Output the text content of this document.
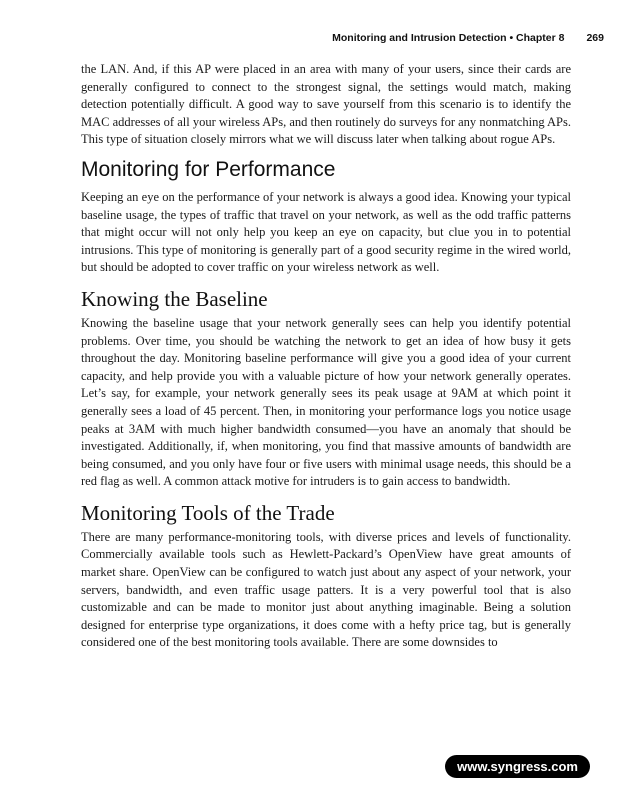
Monitoring and Intrusion Detection • Chapter 8 269

the LAN. And, if this AP were placed in an area with many of your users, since their cards are generally configured to connect to the strongest signal, the settings would match, making detection potentially difficult. A good way to save yourself from this scenario is to identify the MAC addresses of all your wireless APs, and then routinely do surveys for any nonmatching APs. This type of situation closely mirrors what we will discuss later when talking about rogue APs.

Monitoring for Performance

Keeping an eye on the performance of your network is always a good idea. Knowing your typical baseline usage, the types of traffic that travel on your network, as well as the odd traffic patterns that might occur will not only help you keep an eye on capacity, but clue you in to potential intrusions. This type of monitoring is generally part of a good security regime in the wired world, but should be adopted to cover traffic on your wireless network as well.

Knowing the Baseline

Knowing the baseline usage that your network generally sees can help you identify potential problems. Over time, you should be watching the network to get an idea of how busy it gets throughout the day. Monitoring baseline performance will give you a good idea of your current capacity, and help provide you with a valuable picture of how your network generally operates. Let’s say, for example, your network generally sees its peak usage at 9AM at which point it generally sees a load of 45 percent. Then, in monitoring your performance logs you notice usage peaks at 3AM with much higher bandwidth consumed—you have an anomaly that should be investigated. Additionally, if, when monitoring, you find that massive amounts of bandwidth are being consumed, and you only have four or five users with minimal usage needs, this should be a red flag as well. A common attack motive for intruders is to gain access to bandwidth.

Monitoring Tools of the Trade

There are many performance-monitoring tools, with diverse prices and levels of functionality. Commercially available tools such as Hewlett-Packard’s OpenView have great amounts of market share. OpenView can be configured to watch just about any aspect of your network, your servers, bandwidth, and even traffic usage patters. It is a very powerful tool that is also customizable and can be made to monitor just about anything imaginable. Being a solution designed for enterprise type organizations, it does come with a hefty price tag, but is generally considered one of the best monitoring tools available. There are some downsides to

www.syngress.com
